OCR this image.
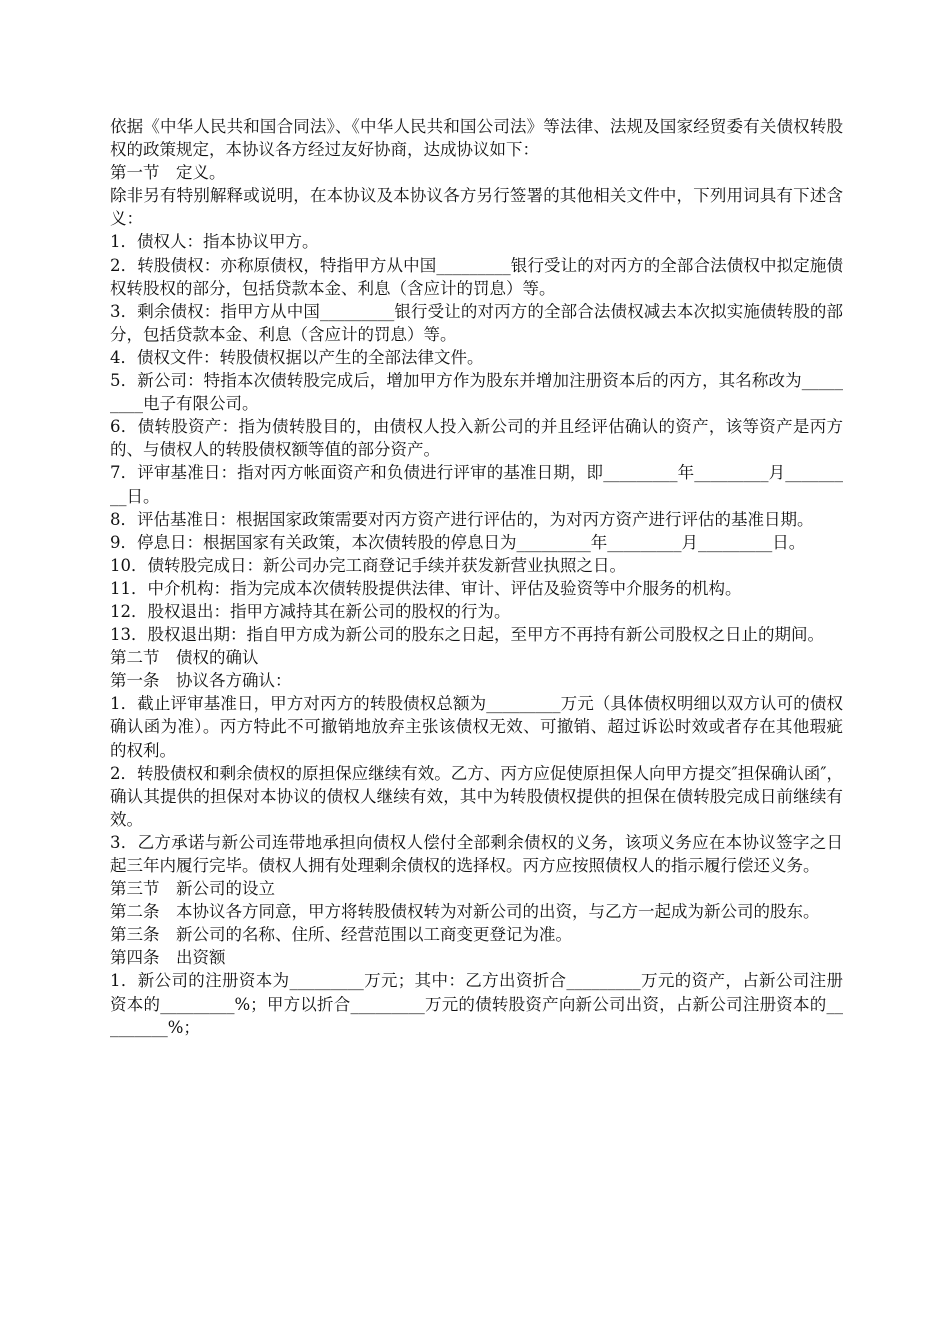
依据《中华人民共和国合同法》、《中华人民共和国公司法》等法律、法规及国家经贸委有关债权转股权的政策规定，本协议各方经过友好协商，达成协议如下：

第一节　定义。

除非另有特别解释或说明，在本协议及本协议各方另行签署的其他相关文件中，下列用词具有下述含义：

1．债权人：指本协议甲方。

2．转股债权：亦称原债权，特指甲方从中国_________银行受让的对丙方的全部合法债权中拟定施债权转股权的部分，包括贷款本金、利息（含应计的罚息）等。

3．剩余债权：指甲方从中国_________银行受让的对丙方的全部合法债权减去本次拟实施债转股的部分，包括贷款本金、利息（含应计的罚息）等。

4．债权文件：转股债权据以产生的全部法律文件。

5．新公司：特指本次债转股完成后，增加甲方作为股东并增加注册资本后的丙方，其名称改为_________电子有限公司。

6．债转股资产：指为债转股目的，由债权人投入新公司的并且经评估确认的资产，该等资产是丙方的、与债权人的转股债权额等值的部分资产。

7．评审基准日：指对丙方帐面资产和负债进行评审的基准日期，即_________年_________月_________日。

8．评估基准日：根据国家政策需要对丙方资产进行评估的，为对丙方资产进行评估的基准日期。

9．停息日：根据国家有关政策，本次债转股的停息日为_________年_________月_________日。

10．债转股完成日：新公司办完工商登记手续并获发新营业执照之日。

11．中介机构：指为完成本次债转股提供法律、审计、评估及验资等中介服务的机构。

12．股权退出：指甲方减持其在新公司的股权的行为。

13．股权退出期：指自甲方成为新公司的股东之日起，至甲方不再持有新公司股权之日止的期间。

第二节　债权的确认

第一条　协议各方确认：

1．截止评审基准日，甲方对丙方的转股债权总额为_________万元（具体债权明细以双方认可的债权确认函为准）。丙方特此不可撤销地放弃主张该债权无效、可撤销、超过诉讼时效或者存在其他瑕疵的权利。

2．转股债权和剩余债权的原担保应继续有效。乙方、丙方应促使原担保人向甲方提交″担保确认函″，确认其提供的担保对本协议的债权人继续有效，其中为转股债权提供的担保在债转股完成日前继续有效。

3．乙方承诺与新公司连带地承担向债权人偿付全部剩余债权的义务，该项义务应在本协议签字之日起三年内履行完毕。债权人拥有处理剩余债权的选择权。丙方应按照债权人的指示履行偿还义务。

第三节　新公司的设立

第二条　本协议各方同意，甲方将转股债权转为对新公司的出资，与乙方一起成为新公司的股东。

第三条　新公司的名称、住所、经营范围以工商变更登记为准。

第四条　出资额

1．新公司的注册资本为_________万元；其中：乙方出资折合_________万元的资产，占新公司注册资本的_________%；甲方以折合_________万元的债转股资产向新公司出资，占新公司注册资本的_________%；
